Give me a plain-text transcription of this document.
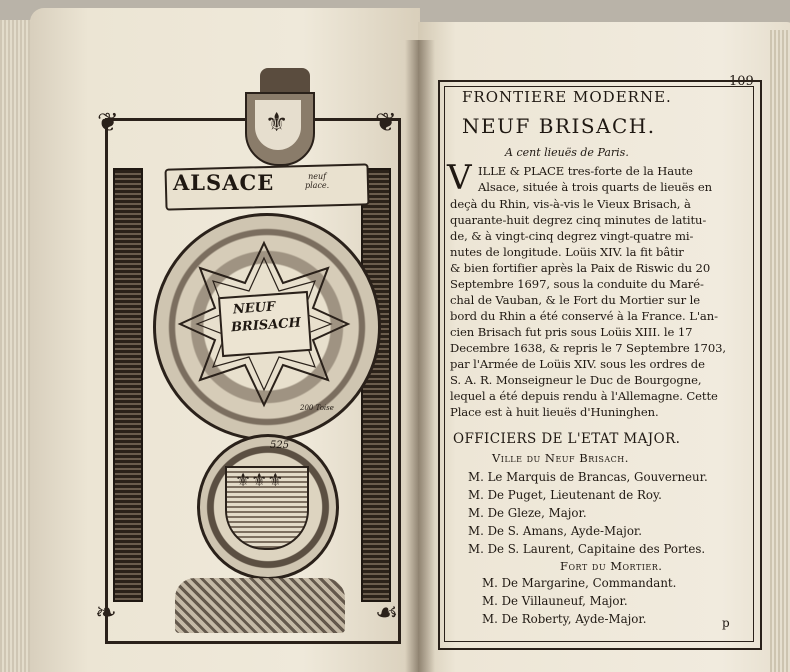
⚜
❦	❦
ALSACE	neuf
place.
NEUF
BRISACH
200 Toise
525
⚜⚜⚜
❧	☙
109
FRONTIERE MODERNE.
NEUF BRISACH.
A cent lieuës de Paris.
V ILLE & PLACE tres-forte de la Haute
Alsace, située à trois quarts de lieuës en
deçà du Rhin, vis-à-vis le Vieux Brisach, à
quarante-huit degrez cinq minutes de latitu-
de, & à vingt-cinq degrez vingt-quatre mi-
nutes de longitude. Loüis XIV. la fit bâtir
& bien fortifier après la Paix de Riswic du 20
Septembre 1697, sous la conduite du Maré-
chal de Vauban, & le Fort du Mortier sur le
bord du Rhin a été conservé à la France. L'an-
cien Brisach fut pris sous Loüis XIII. le 17
Decembre 1638, & repris le 7 Septembre 1703,
par l'Armée de Loüis XIV. sous les ordres de
S. A. R. Monseigneur le Duc de Bourgogne,
lequel a été depuis rendu à l'Allemagne. Cette
Place est à huit lieuës d'Huninghen.
OFFICIERS DE L'ETAT MAJOR.
Ville du Neuf Brisach.
M. Le Marquis de Brancas, Gouverneur.
M. De Puget, Lieutenant de Roy.
M. De Gleze, Major.
M. De S. Amans, Ayde-Major.
M. De S. Laurent, Capitaine des Portes.
Fort du Mortier.
M. De Margarine, Commandant.
M. De Villauneuf, Major.
M. De Roberty, Ayde-Major.	p
